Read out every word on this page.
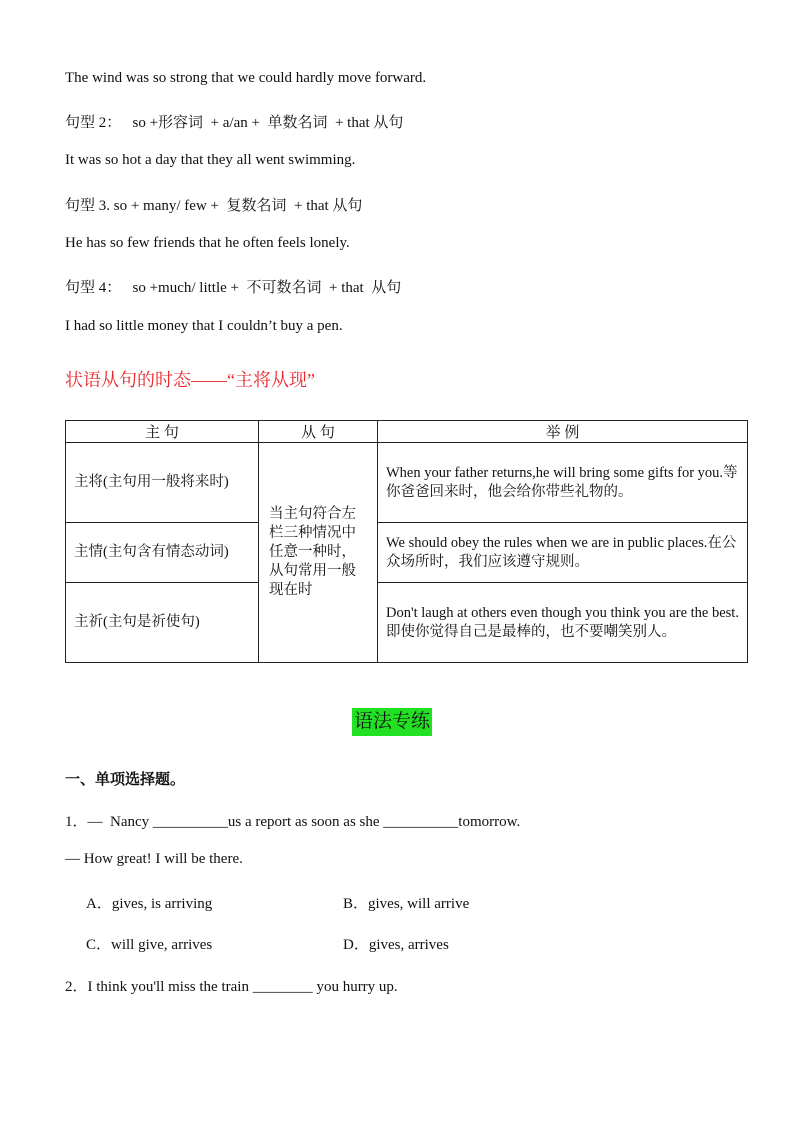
The wind was so strong that we could hardly move forward.
句型 2：   so +形容词  + a/an +  单数名词  + that 从句
It was so hot a day that they all went swimming.
句型 3. so + many/ few +  复数名词  + that 从句
He has so few friends that he often feels lonely.
句型 4：   so +much/ little +  不可数名词  + that  从句
I had so little money that I couldn’t buy a pen.
状语从句的时态——“主将从现”
主 句	从 句	举 例
主将(主句用一般将来时)	当主句符合左栏三种情况中任意一种时，从句常用一般现在时	When your father returns,he will bring some gifts for you.等你爸爸回来时，他会给你带些礼物的。
主情(主句含有情态动词)		We should obey the rules when we are in public places.在公众场所时，我们应该遵守规则。
主祈(主句是祈使句)		Don't laugh at others even though you think you are the best.即使你觉得自己是最棒的，也不要嘲笑别人。
语法专练
一、单项选择题。
1．—  Nancy __________us a report as soon as she __________tomorrow.
— How great! I will be there.
A．gives, is arriving	B．gives, will arrive
C．will give, arrives	D．gives, arrives
2．I think you'll miss the train ________ you hurry up.
